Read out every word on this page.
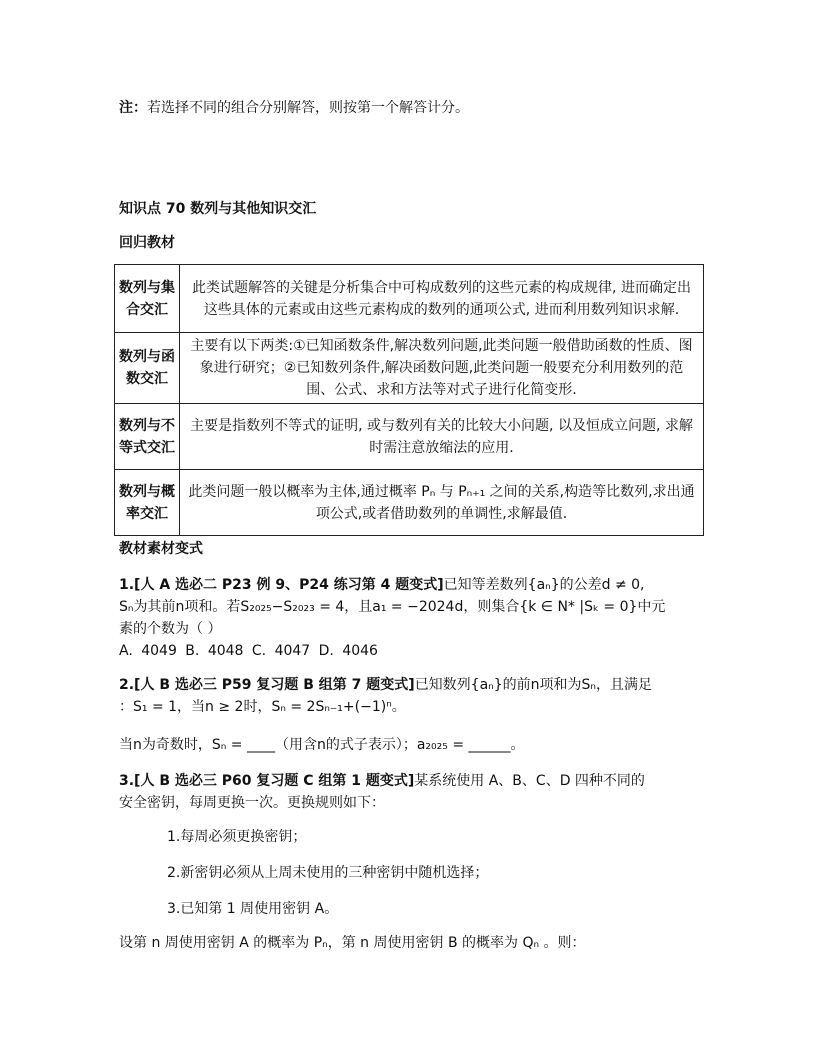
注：若选择不同的组合分别解答，则按第一个解答计分。
知识点 70 数列与其他知识交汇
回归教材
数列与集合交汇	此类试题解答的关键是分析集合中可构成数列的这些元素的构成规律, 进而确定出这些具体的元素或由这些元素构成的数列的通项公式, 进而利用数列知识求解.
数列与函数交汇	主要有以下两类:①已知函数条件,解决数列问题,此类问题一般借助函数的性质、图象进行研究；②已知数列条件,解决函数问题,此类问题一般要充分利用数列的范围、公式、求和方法等对式子进行化简变形.
数列与不等式交汇	主要是指数列不等式的证明, 或与数列有关的比较大小问题, 以及恒成立问题, 求解时需注意放缩法的应用.
数列与概率交汇	此类问题一般以概率为主体,通过概率 Pₙ 与 Pₙ₊₁ 之间的关系,构造等比数列,求出通项公式,或者借助数列的单调性,求解最值.
教材素材变式
1.[人 A 选必二 P23 例 9、P24 练习第 4 题变式]已知等差数列{aₙ}的公差d ≠ 0,
Sₙ为其前n项和。若S₂₀₂₅−S₂₀₂₃ = 4，且a₁ = −2024d，则集合{k ∈ N* |Sₖ = 0}中元
素的个数为（ ）
A. 4049 B. 4048 C. 4047 D. 4046
2.[人 B 选必三 P59 复习题 B 组第 7 题变式]已知数列{aₙ}的前n项和为Sₙ，且满足
：S₁ = 1，当n ≥ 2时，Sₙ = 2Sₙ₋₁+(−1)ⁿ。
当n为奇数时，Sₙ = ____（用含n的式子表示）；a₂₀₂₅ = ______。
3.[人 B 选必三 P60 复习题 C 组第 1 题变式]某系统使用 A、B、C、D 四种不同的
安全密钥，每周更换一次。更换规则如下：
1.每周必须更换密钥；
2.新密钥必须从上周未使用的三种密钥中随机选择；
3.已知第 1 周使用密钥 A。
设第 n 周使用密钥 A 的概率为 Pₙ，第 n 周使用密钥 B 的概率为 Qₙ 。则：
